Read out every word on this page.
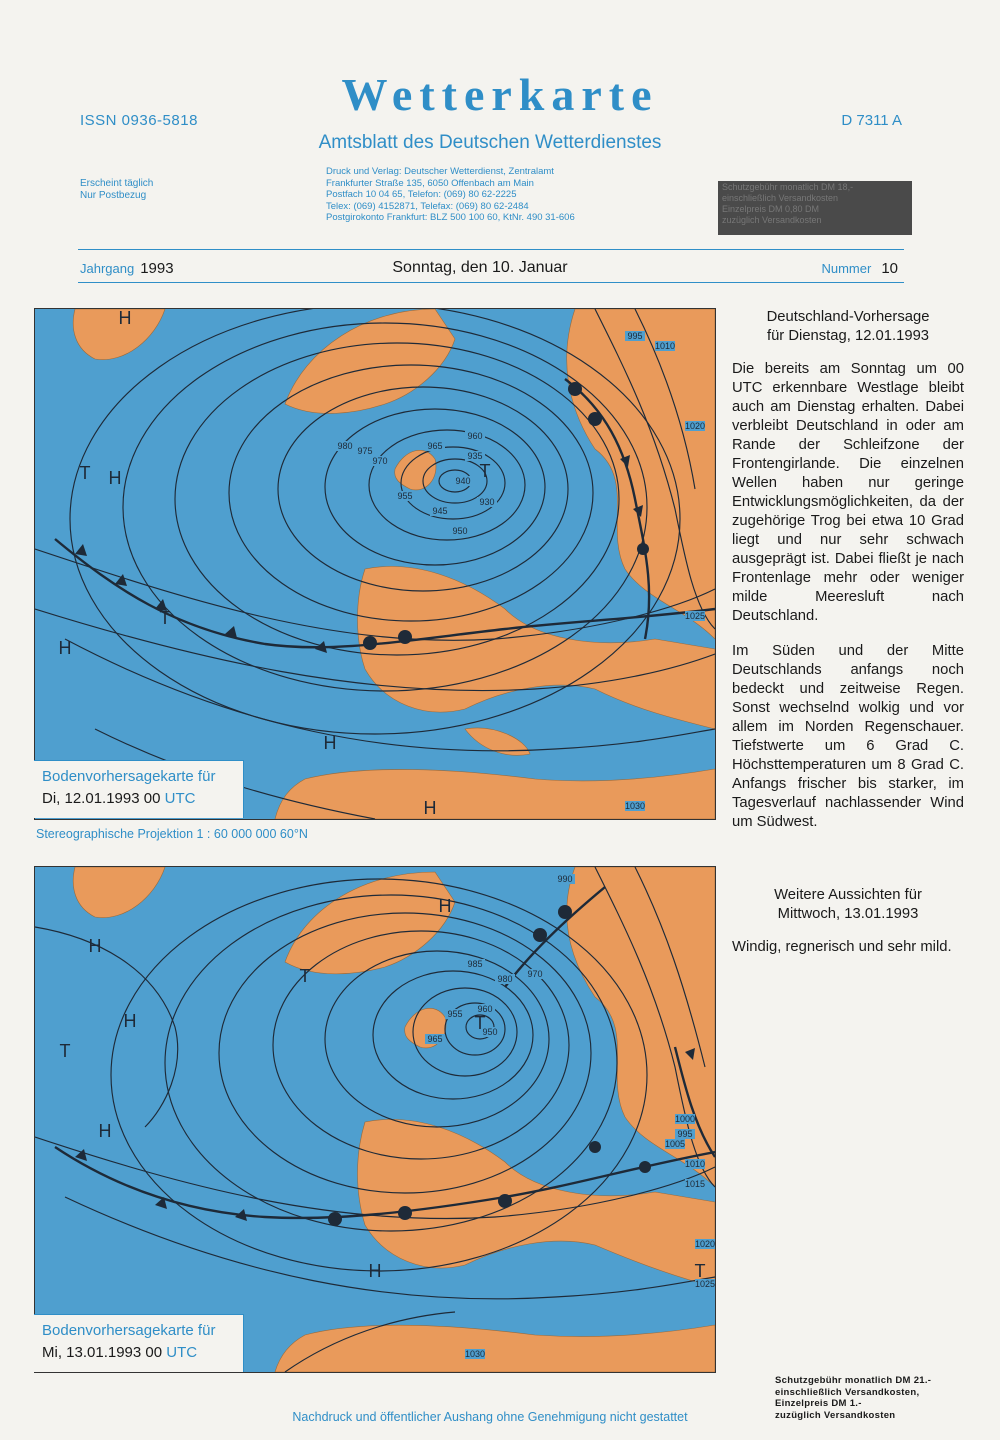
ISSN 0936-5818
Wetterkarte
Amtsblatt des Deutschen Wetterdienstes
D 7311 A
Erscheint täglich
Nur Postbezug
Druck und Verlag: Deutscher Wetterdienst, Zentralamt
Frankfurter Straße 135, 6050 Offenbach am Main
Postfach 10 04 65, Telefon: (069) 80 62-2225
Telex: (069) 4152871, Telefax: (069) 80 62-2484
Postgirokonto Frankfurt: BLZ 500 100 60, KtNr. 490 31-606
Schutzgebühr monatlich DM 18,-
einschließlich Versandkosten
Einzelpreis DM 0,80 DM
zuzüglich Versandkosten
Jahrgang 1993	Sonntag, den 10. Januar	Nummer 10
930
935
940
945
950
955
960
965
970
975
980
995
1010
1020
1025
1030
H
H
H
H
H
T
T
T
Bodenvorhersagekarte für
Di, 12.01.1993 00 UTC
Stereographische Projektion 1 : 60 000 000 60°N
950
955 960
965
970
980
985
990
995
1000
1005
1010
1015
1020
1025
1030
H
H
H
H
H
T
T
T
T
Bodenvorhersagekarte für
Mi, 13.01.1993 00 UTC
Deutschland-Vorhersage
für Dienstag, 12.01.1993

Die bereits am Sonntag um 00 UTC erkennbare Westlage bleibt auch am Dienstag erhalten. Dabei verbleibt Deutschland in oder am Rande der Schleifzone der Frontengirlande. Die einzelnen Wellen haben nur geringe Entwicklungsmöglichkeiten, da der zugehörige Trog bei etwa 10 Grad liegt und nur sehr schwach ausgeprägt ist. Dabei fließt je nach Frontenlage mehr oder weniger milde Meeresluft nach Deutschland.

Im Süden und der Mitte Deutschlands anfangs noch bedeckt und zeitweise Regen. Sonst wechselnd wolkig und vor allem im Norden Regenschauer. Tiefstwerte um 6 Grad C. Höchsttemperaturen um 8 Grad C. Anfangs frischer bis starker, im Tagesverlauf nachlassender Wind um Südwest.

Weitere Aussichten für
Mittwoch, 13.01.1993

Windig, regnerisch und sehr mild.

Schutzgebühr monatlich DM 21.-
einschließlich Versandkosten,
Einzelpreis DM 1.-
zuzüglich Versandkosten
Nachdruck und öffentlicher Aushang ohne Genehmigung nicht gestattet
